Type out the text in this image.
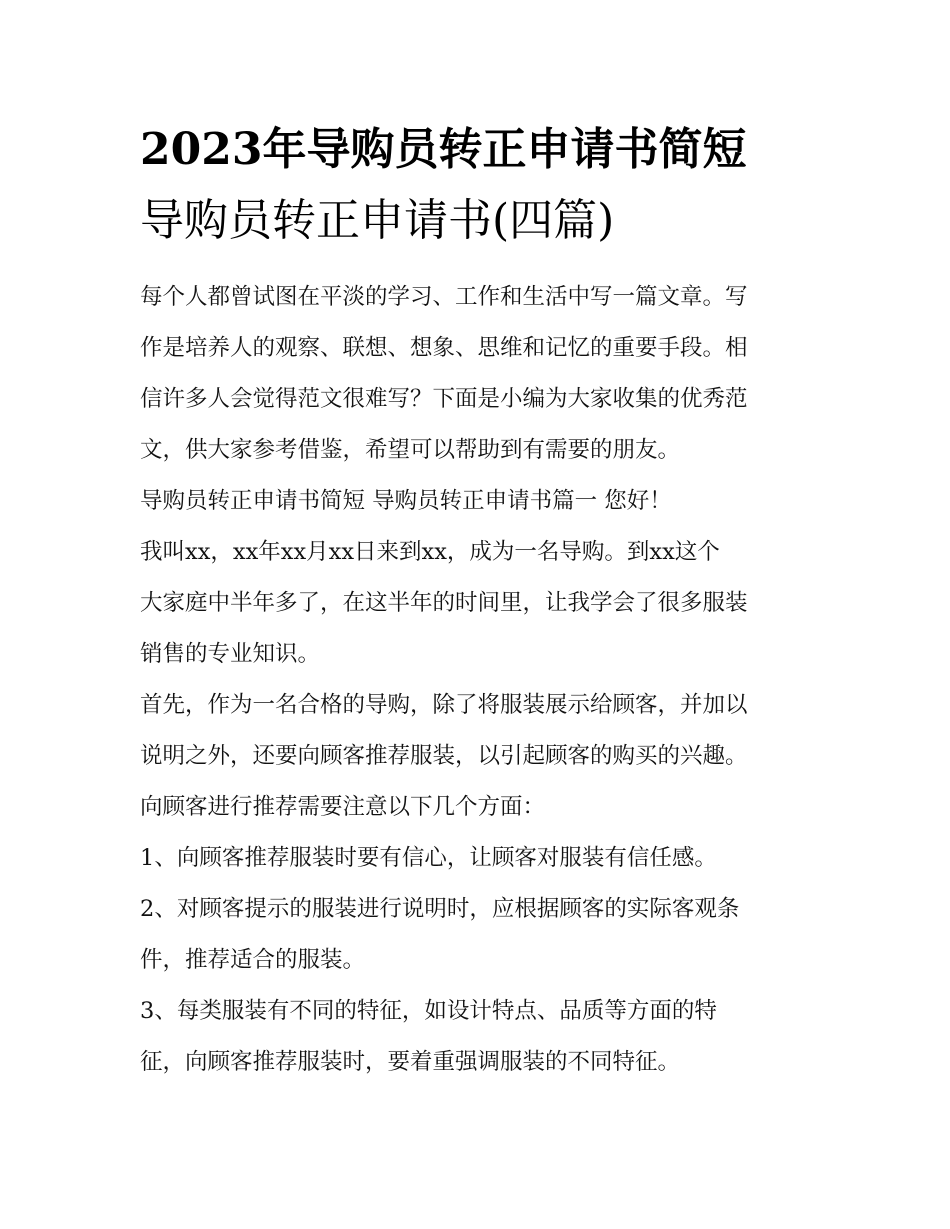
2023年导购员转正申请书简短
导购员转正申请书(四篇)

每个人都曾试图在平淡的学习、工作和生活中写一篇文章。写

作是培养人的观察、联想、想象、思维和记忆的重要手段。相

信许多人会觉得范文很难写？下面是小编为大家收集的优秀范

文，供大家参考借鉴，希望可以帮助到有需要的朋友。

导购员转正申请书简短 导购员转正申请书篇一 您好！

我叫xx，xx年xx月xx日来到xx，成为一名导购。到xx这个

大家庭中半年多了，在这半年的时间里，让我学会了很多服装

销售的专业知识。

首先，作为一名合格的导购，除了将服装展示给顾客，并加以

说明之外，还要向顾客推荐服装，以引起顾客的购买的兴趣。

向顾客进行推荐需要注意以下几个方面：

1、向顾客推荐服装时要有信心，让顾客对服装有信任感。

2、对顾客提示的服装进行说明时，应根据顾客的实际客观条

件，推荐适合的服装。

3、每类服装有不同的特征，如设计特点、品质等方面的特

征，向顾客推荐服装时，要着重强调服装的不同特征。
